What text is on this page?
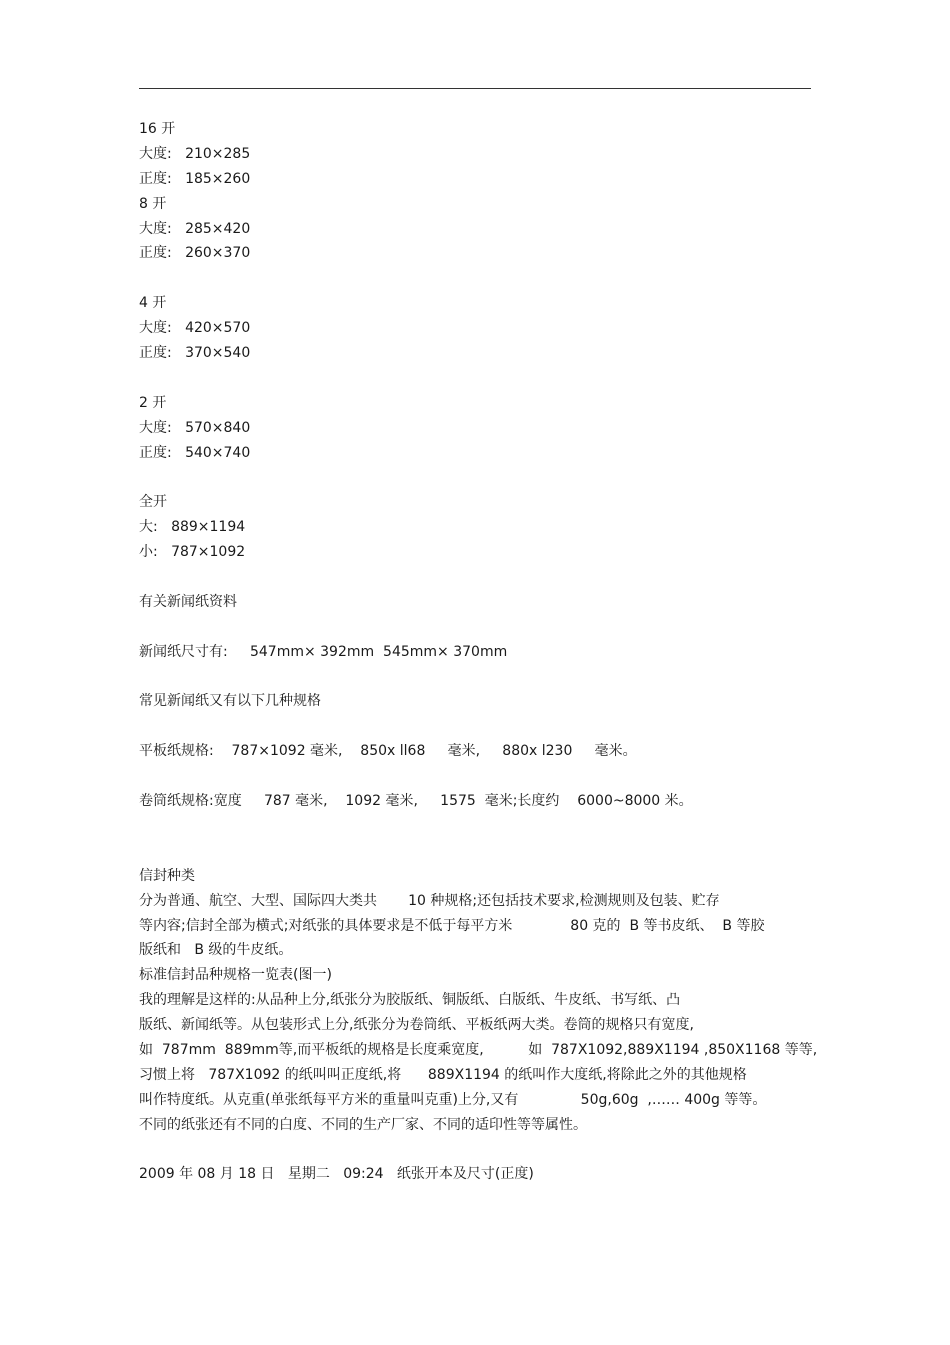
16 开
大度:   210×285
正度:   185×260
8 开
大度:   285×420
正度:   260×370
4 开
大度:   420×570
正度:   370×540
2 开
大度:   570×840
正度:   540×740
全开
大:   889×1194
小:   787×1092
有关新闻纸资料
新闻纸尺寸有:     547mm× 392mm  545mm× 370mm
常见新闻纸又有以下几种规格
平板纸规格:    787×1092 毫米,    850x ll68     毫米,     880x l230     毫米。
卷筒纸规格:宽度     787 毫米,    1092 毫米,     1575  毫米;长度约    6000~8000 米。
信封种类
分为普通、航空、大型、国际四大类共       10 种规格;还包括技术要求,检测规则及包装、贮存
等内容;信封全部为横式;对纸张的具体要求是不低于每平方米             80 克的  B 等书皮纸、  B 等胶
版纸和   B 级的牛皮纸。
标准信封品种规格一览表(图一)
我的理解是这样的:从品种上分,纸张分为胶版纸、铜版纸、白版纸、牛皮纸、书写纸、凸
版纸、新闻纸等。从包装形式上分,纸张分为卷筒纸、平板纸两大类。卷筒的规格只有宽度,
如  787mm  889mm等,而平板纸的规格是长度乘宽度,          如  787X1092,889X1194 ,850X1168 等等,
习惯上将   787X1092 的纸叫叫正度纸,将      889X1194 的纸叫作大度纸,将除此之外的其他规格
叫作特度纸。从克重(单张纸每平方米的重量叫克重)上分,又有              50g,60g  ,…… 400g 等等。
不同的纸张还有不同的白度、不同的生产厂家、不同的适印性等等属性。
2009 年 08 月 18 日   星期二   09:24   纸张开本及尺寸(正度)
